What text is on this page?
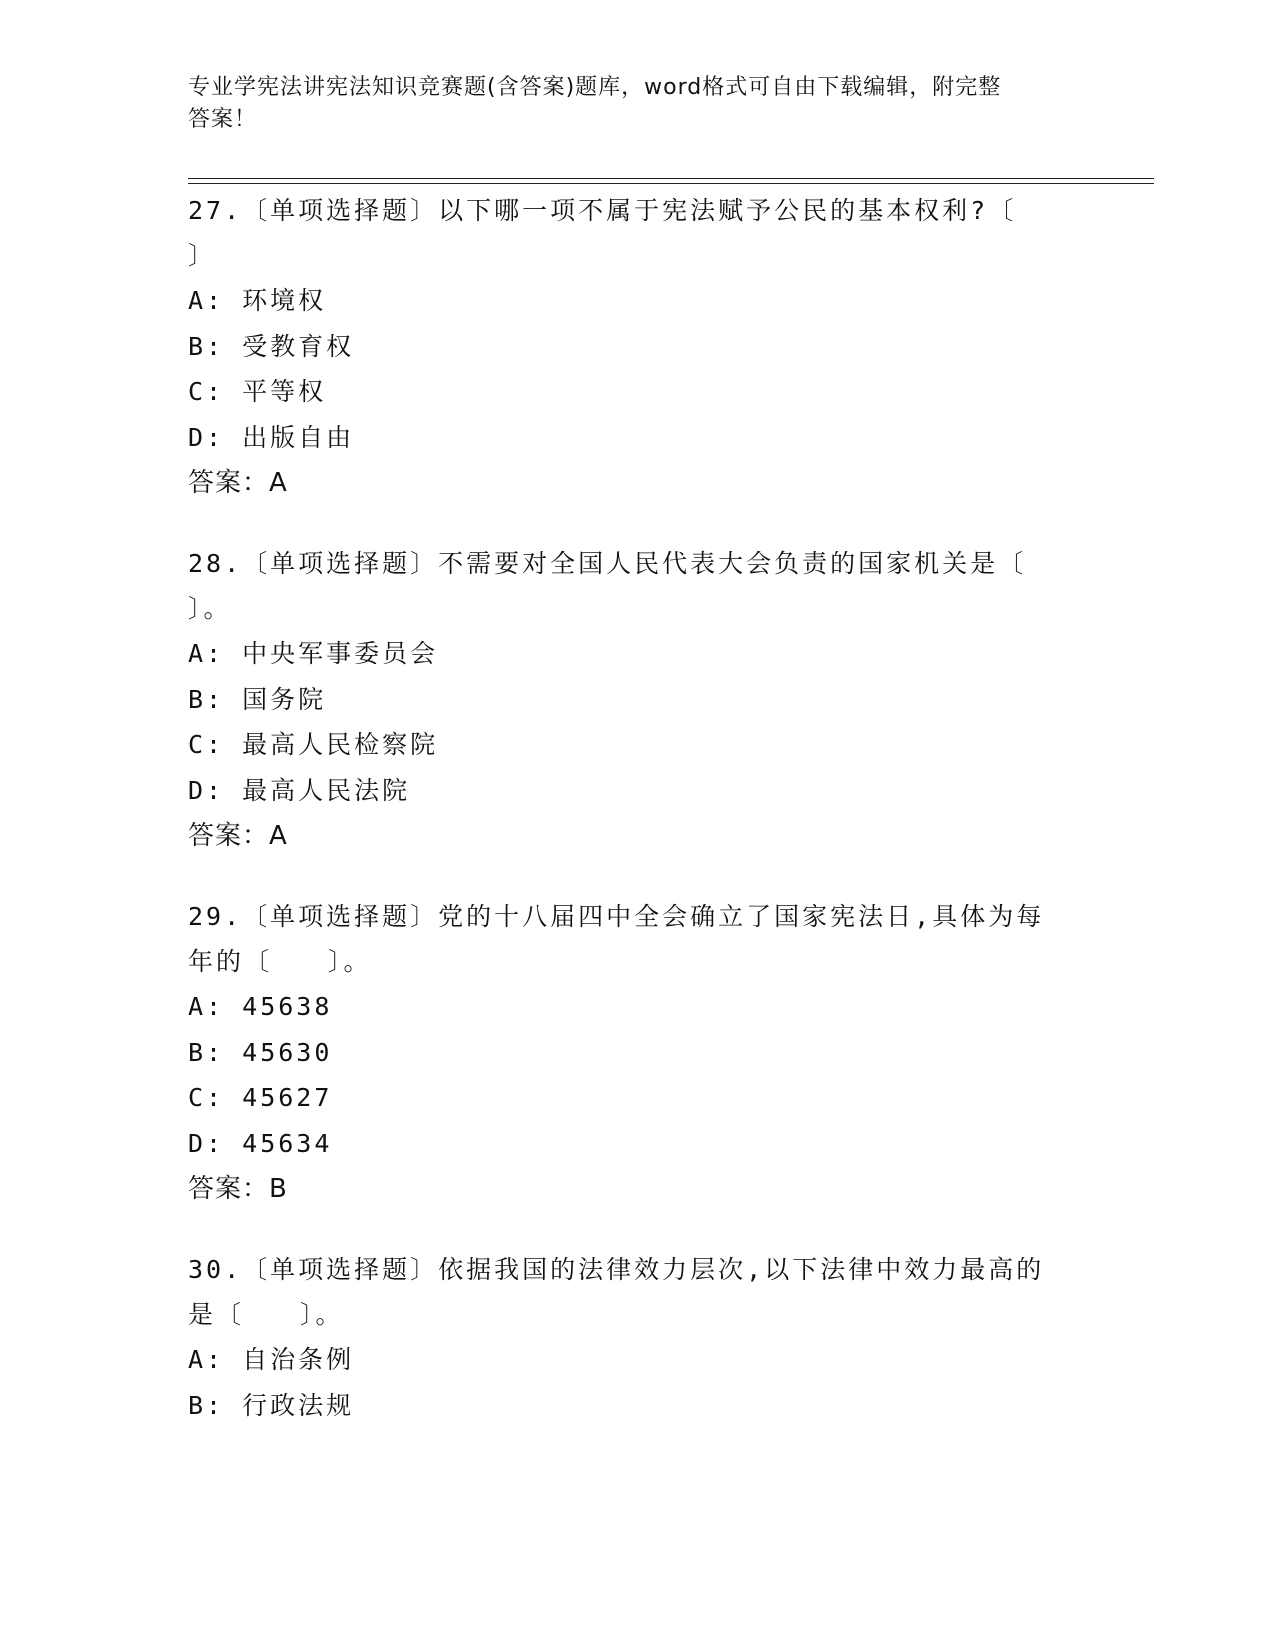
专业学宪法讲宪法知识竞赛题(含答案)题库，word格式可自由下载编辑，附完整
答案！

27.〔单项选择题〕以下哪一项不属于宪法赋予公民的基本权利?〔

〕

A: 环境权

B: 受教育权

C: 平等权

D: 出版自由

答案：A

28.〔单项选择题〕不需要对全国人民代表大会负责的国家机关是〔

〕。

A: 中央军事委员会

B: 国务院

C: 最高人民检察院

D: 最高人民法院

答案：A

29.〔单项选择题〕党的十八届四中全会确立了国家宪法日,具体为每

年的〔　　〕。

A: 45638

B: 45630

C: 45627

D: 45634

答案：B

30.〔单项选择题〕依据我国的法律效力层次,以下法律中效力最高的

是〔　　〕。

A: 自治条例

B: 行政法规
